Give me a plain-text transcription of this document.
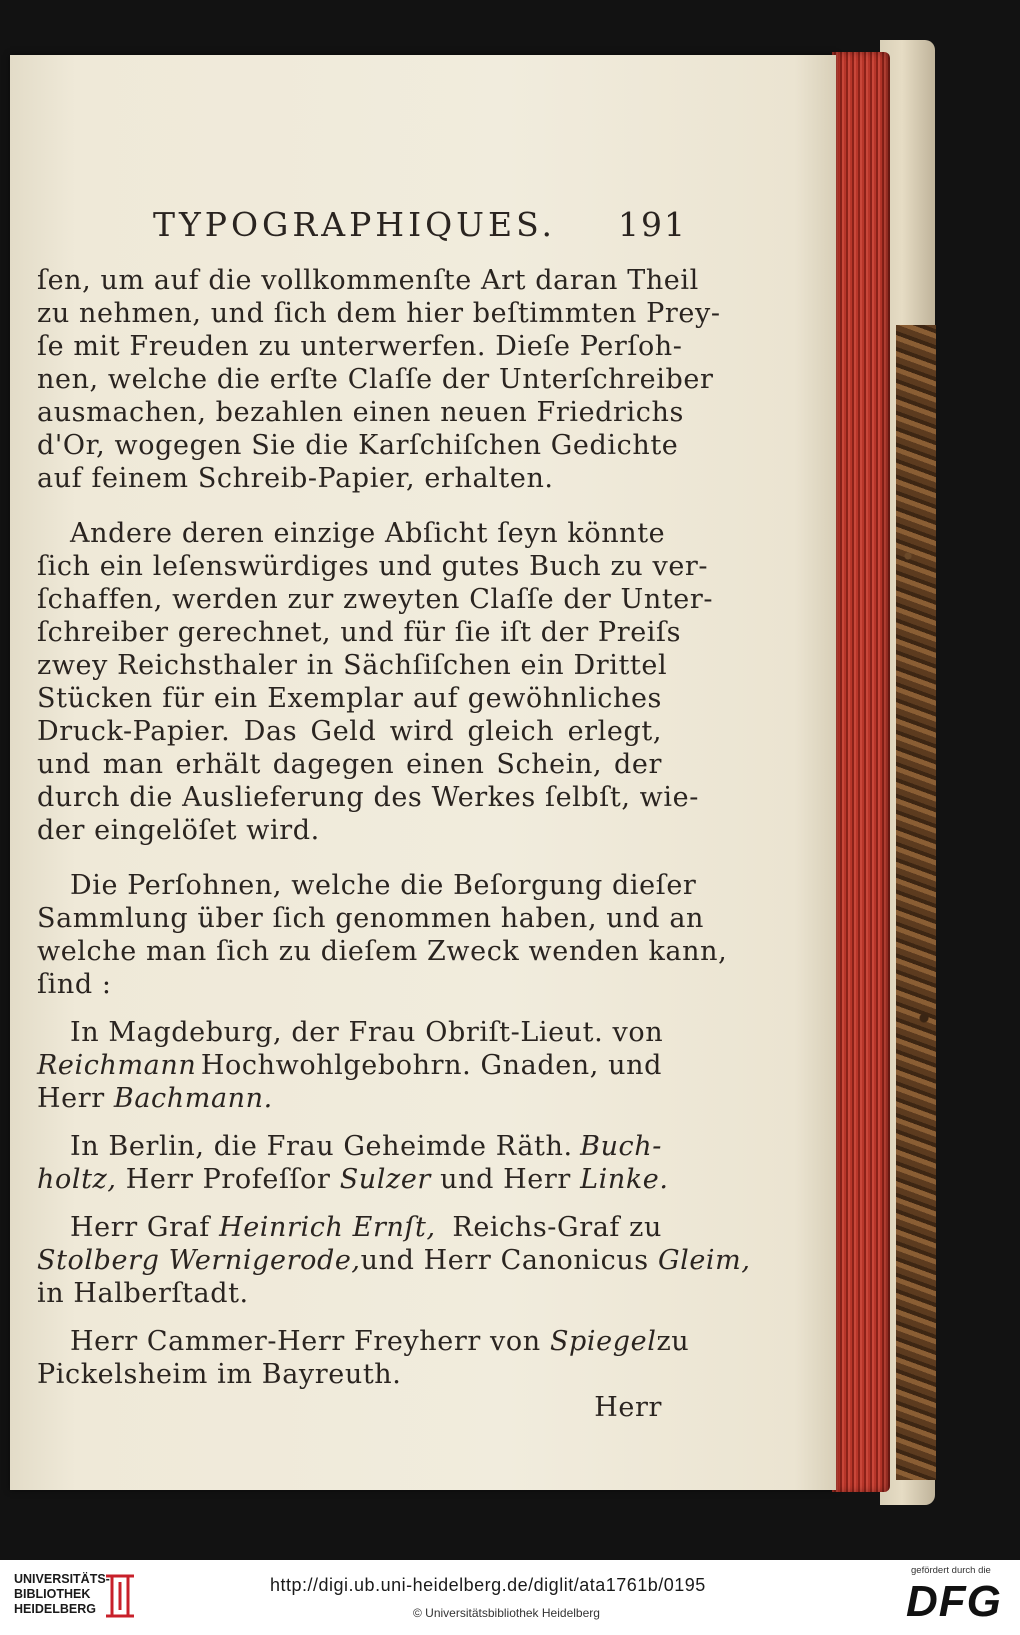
TYPOGRAPHIQUES. 191
ſen, um auf die vollkommenſte Art daran Theil
zu nehmen, und ſich dem hier beſtimmten Prey-
ſe mit Freuden zu unterwerfen. Dieſe Perſoh-
nen, welche die erſte Claſſe der Unterſchreiber
ausmachen, bezahlen einen neuen Friedrichs
d'Or, wogegen Sie die Karſchiſchen Gedichte
auf feinem Schreib-Papier, erhalten.
Andere deren einzige Abſicht ſeyn könnte
ſich ein leſenswürdiges und gutes Buch zu ver-
ſchaffen, werden zur zweyten Claſſe der Unter-
ſchreiber gerechnet, und für ſie iſt der Preiſs
zwey Reichsthaler in Sächſiſchen ein Drittel
Stücken für ein Exemplar auf gewöhnliches
Druck-Papier. Das Geld wird gleich erlegt,
und man erhält dagegen einen Schein, der
durch die Auslieferung des Werkes ſelbſt, wie-
der eingelöſet wird.
Die Perſohnen, welche die Beſorgung dieſer
Sammlung über ſich genommen haben, und an
welche man ſich zu dieſem Zweck wenden kann,
ſind :
In Magdeburg, der Frau Obriſt-Lieut. von
Reichmann Hochwohlgebohrn. Gnaden, und
Herr Bachmann.
In Berlin, die Frau Geheimde Räth. Buch-
holtz, Herr Profeſſor Sulzer und Herr Linke.
Herr Graf Heinrich Ernſt, Reichs-Graf zu
Stolberg Wernigerode, und Herr Canonicus Gleim,
in Halberſtadt.
Herr Cammer-Herr Freyherr von Spiegel zu
Pickelsheim im Bayreuth.
Herr
UNIVERSITÄTS-
BIBLIOTHEK
HEIDELBERG
http://digi.ub.uni-heidelberg.de/diglit/ata1761b/0195
© Universitätsbibliothek Heidelberg
gefördert durch die
DFG
